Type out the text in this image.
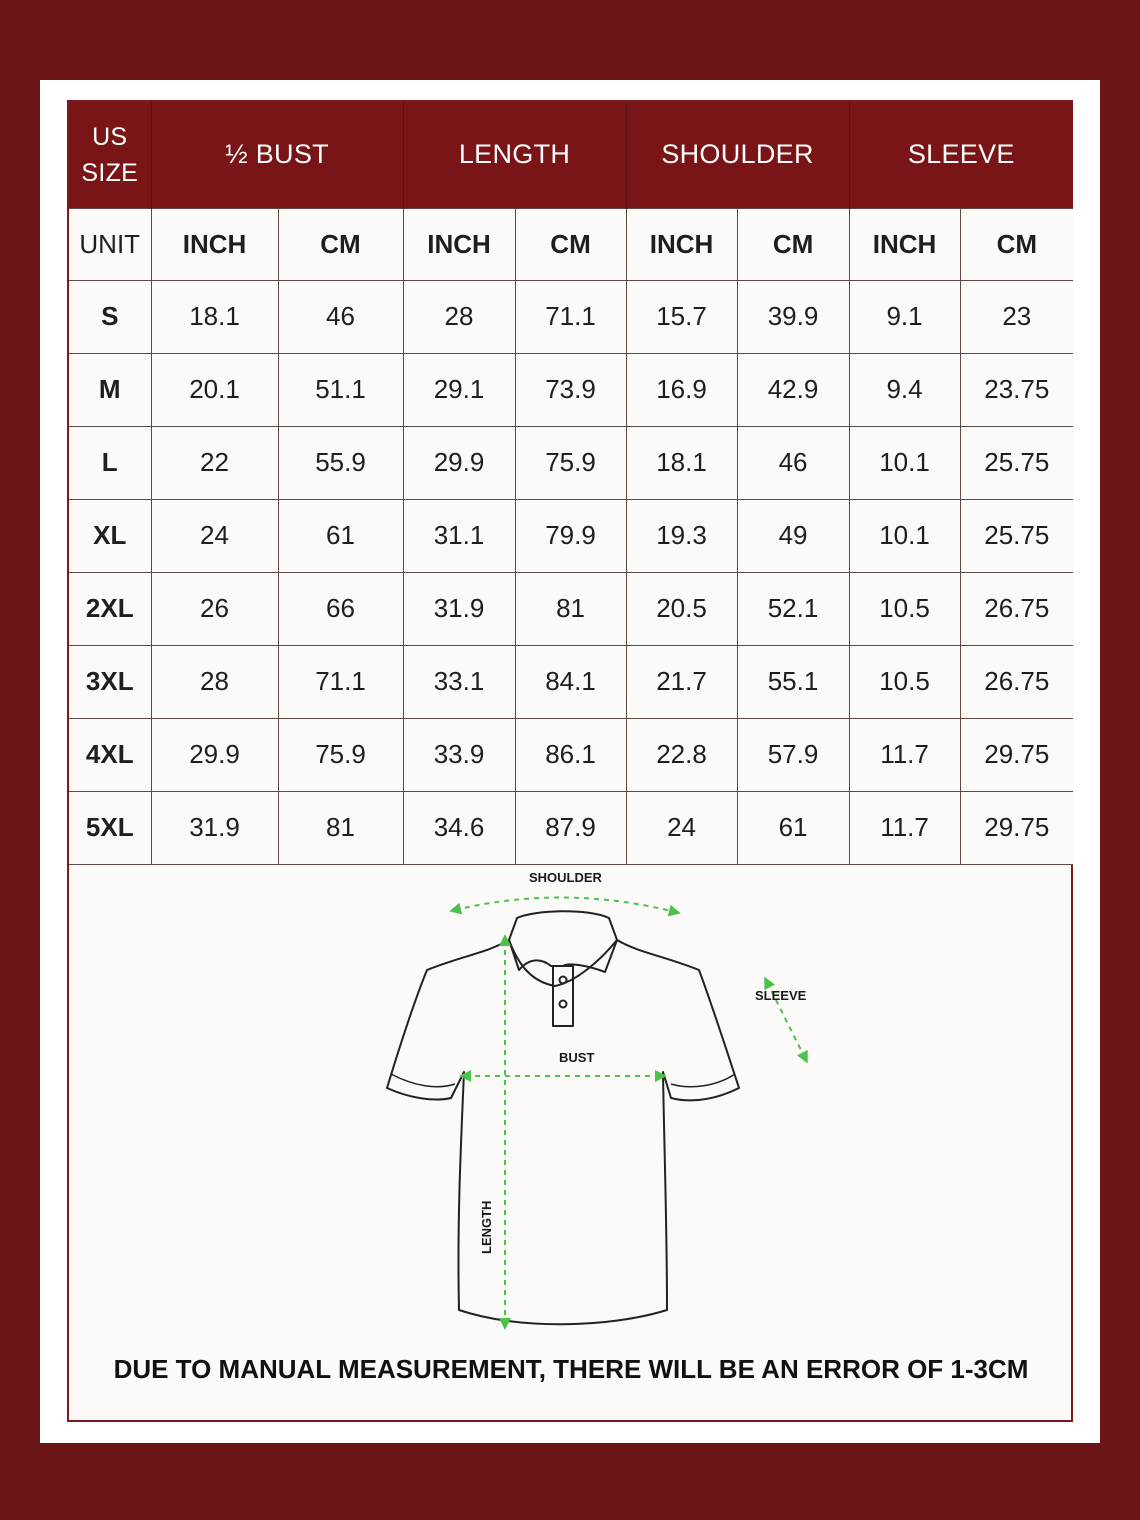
US
SIZE	½ BUST		LENGTH		SHOULDER		SLEEVE	
UNIT	INCH	CM	INCH	CM	INCH	CM	INCH	CM
S	18.1	46	28	71.1	15.7	39.9	9.1	23
M	20.1	51.1	29.1	73.9	16.9	42.9	9.4	23.75
L	22	55.9	29.9	75.9	18.1	46	10.1	25.75
XL	24	61	31.1	79.9	19.3	49	10.1	25.75
2XL	26	66	31.9	81	20.5	52.1	10.5	26.75
3XL	28	71.1	33.1	84.1	21.7	55.1	10.5	26.75
4XL	29.9	75.9	33.9	86.1	22.8	57.9	11.7	29.75
5XL	31.9	81	34.6	87.9	24	61	11.7	29.75
SHOULDER
SLEEVE
BUST
LENGTH
DUE TO MANUAL MEASUREMENT, THERE WILL BE AN ERROR OF 1-3CM
